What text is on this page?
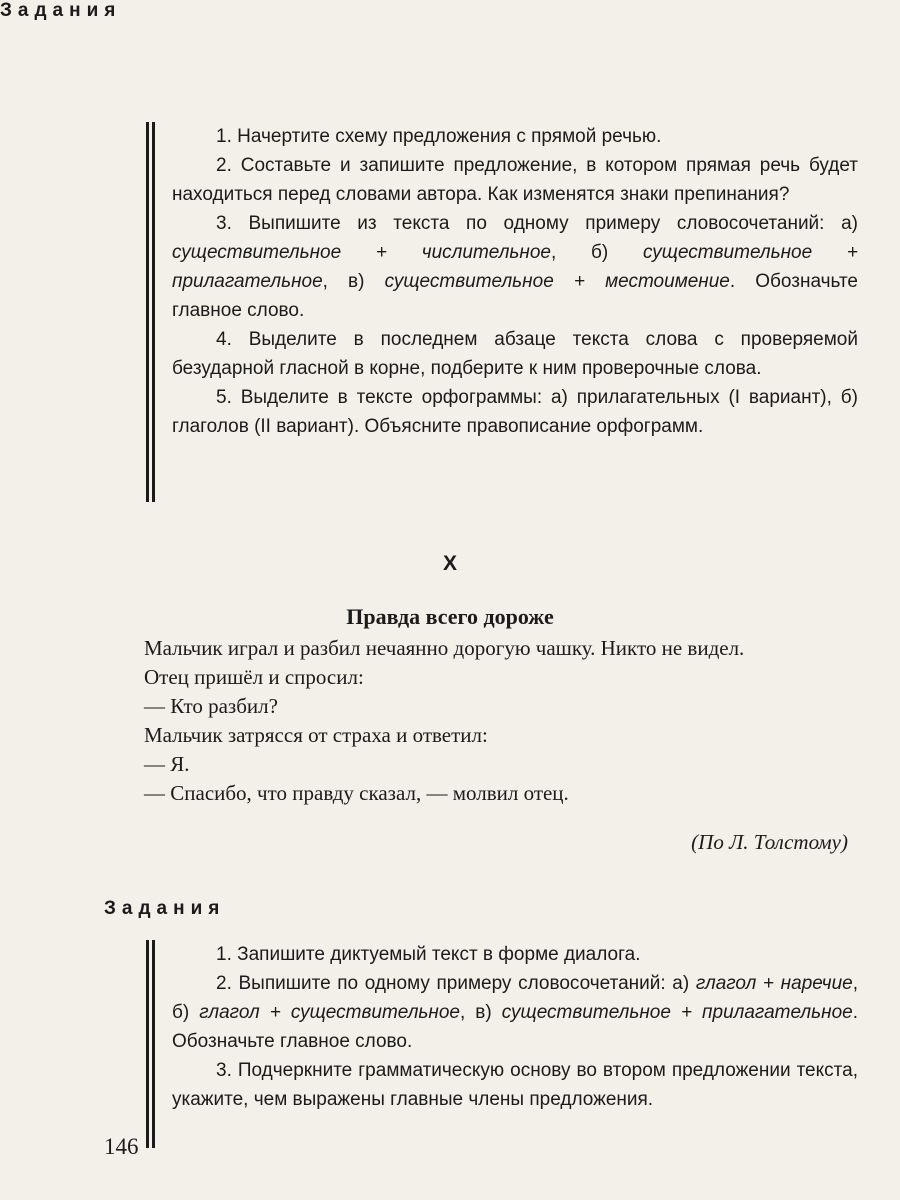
Задания

1. Начертите схему предложения с прямой речью.

2. Составьте и запишите предложение, в котором прямая речь будет находиться перед словами автора. Как изменятся знаки препинания?

3. Выпишите из текста по одному примеру словосочетаний: а) существительное + числительное, б) существительное + прилагательное, в) существительное + местоимение. Обозначьте главное слово.

4. Выделите в последнем абзаце текста слова с проверяемой безударной гласной в корне, подберите к ним проверочные слова.

5. Выделите в тексте орфограммы: а) прилагательных (I вариант), б) глаголов (II вариант). Объясните правописание орфограмм.

X
Правда всего дороже

Мальчик играл и разбил нечаянно дорогую чашку. Никто не видел.

Отец пришёл и спросил:

— Кто разбил?

Мальчик затрясся от страха и ответил:

— Я.

— Спасибо, что правду сказал, — молвил отец.

(По Л. Толстому)
Задания

1. Запишите диктуемый текст в форме диалога.

2. Выпишите по одному примеру словосочетаний: а) глагол + наречие, б) глагол + существительное, в) существительное + прилагательное. Обозначьте главное слово.

3. Подчеркните грамматическую основу во втором предложении текста, укажите, чем выражены главные члены предложения.

146
